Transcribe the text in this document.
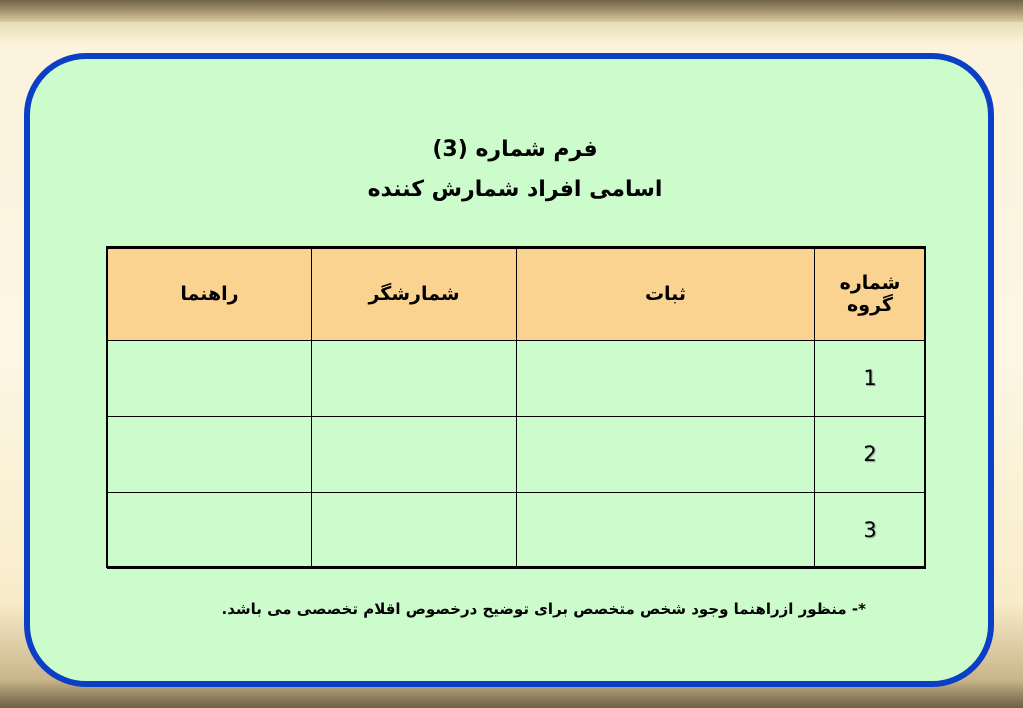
فرم شماره (3)
اسامی افراد شمارش کننده
شماره گروه	ثبات	شمارشگر	راهنما
1			
2			
3			
*- منظور ازراهنما وجود شخص متخصص برای توضیح درخصوص اقلام تخصصی می باشد.
